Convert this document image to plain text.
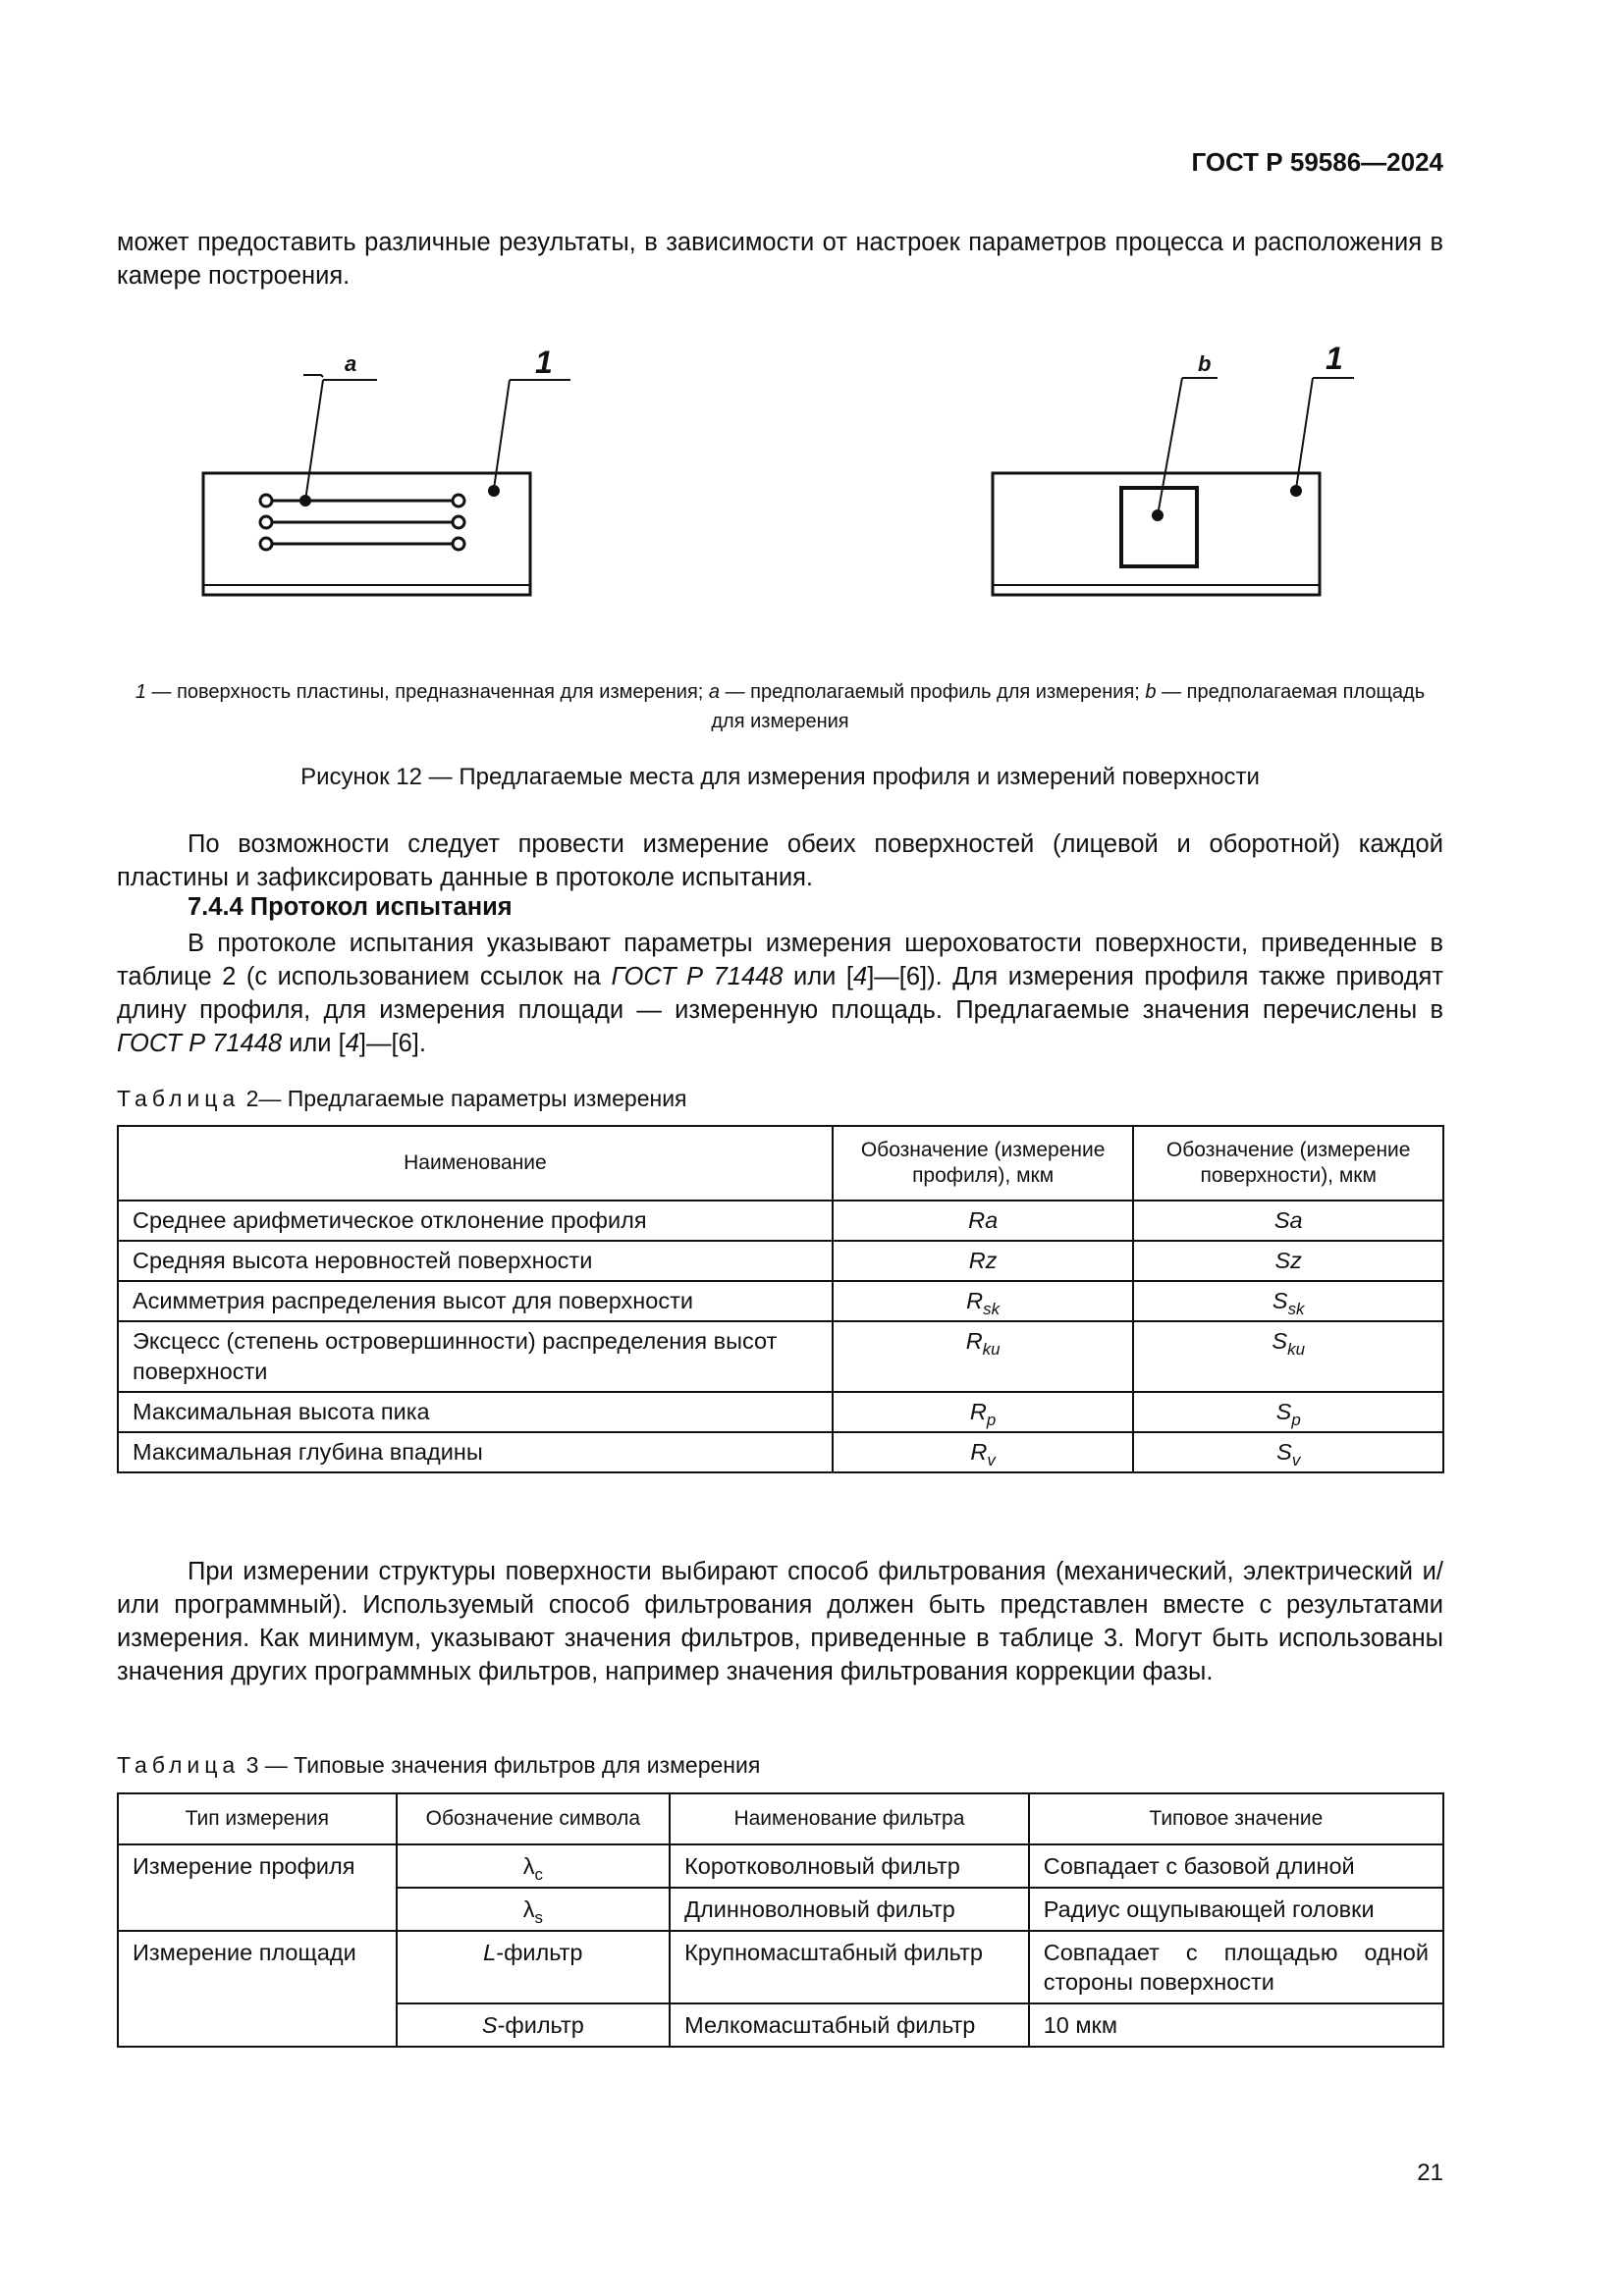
ГОСТ Р 59586—2024
может предоставить различные результаты, в зависимости от настроек параметров процесса и расположения в камере построения.
a	1	b	1
1 — поверхность пластины, предназначенная для измерения; a — предполагаемый профиль для измерения; b — предполагаемая площадь для измерения
Рисунок 12 — Предлагаемые места для измерения профиля и измерений поверхности
По возможности следует провести измерение обеих поверхностей (лицевой и оборотной) каждой пластины и зафиксировать данные в протоколе испытания.
7.4.4 Протокол испытания
В протоколе испытания указывают параметры измерения шероховатости поверхности, приведенные в таблице 2 (с использованием ссылок на ГОСТ Р 71448 или [4]—[6]). Для измерения профиля также приводят длину профиля, для измерения площади — измеренную площадь. Предлагаемые значения перечислены в ГОСТ Р 71448 или [4]—[6].
Таблица 2— Предлагаемые параметры измерения
Наименование	Обозначение (измерение профиля), мкм	Обозначение (измерение поверхности), мкм
Среднее арифметическое отклонение профиля	Ra	Sa
Средняя высота неровностей поверхности	Rz	Sz
Асимметрия распределения высот для поверхности	$R_{sk}$	$S_{sk}$
Эксцесс (степень островершинности) распределения высот поверхности	$R_{ku}$	$S_{ku}$
Максимальная высота пика	$R_p$	$S_p$
Максимальная глубина впадины	$R_v$	$S_v$
При измерении структуры поверхности выбирают способ фильтрования (механический, электрический и/или программный). Используемый способ фильтрования должен быть представлен вместе с результатами измерения. Как минимум, указывают значения фильтров, приведенные в таблице 3. Могут быть использованы значения других программных фильтров, например значения фильтрования коррекции фазы.
Таблица 3 — Типовые значения фильтров для измерения
Тип измерения	Обозначение символа	Наименование фильтра	Типовое значение
Измерение профиля	$\lambda_c$	Коротковолновый фильтр	Совпадает с базовой длиной
	$\lambda_s$	Длинноволновый фильтр	Радиус ощупывающей головки
Измерение площади	L-фильтр	Крупномасштабный фильтр	Совпадает с площадью одной стороны поверхности
	S-фильтр	Мелкомасштабный фильтр	10 мкм
21
